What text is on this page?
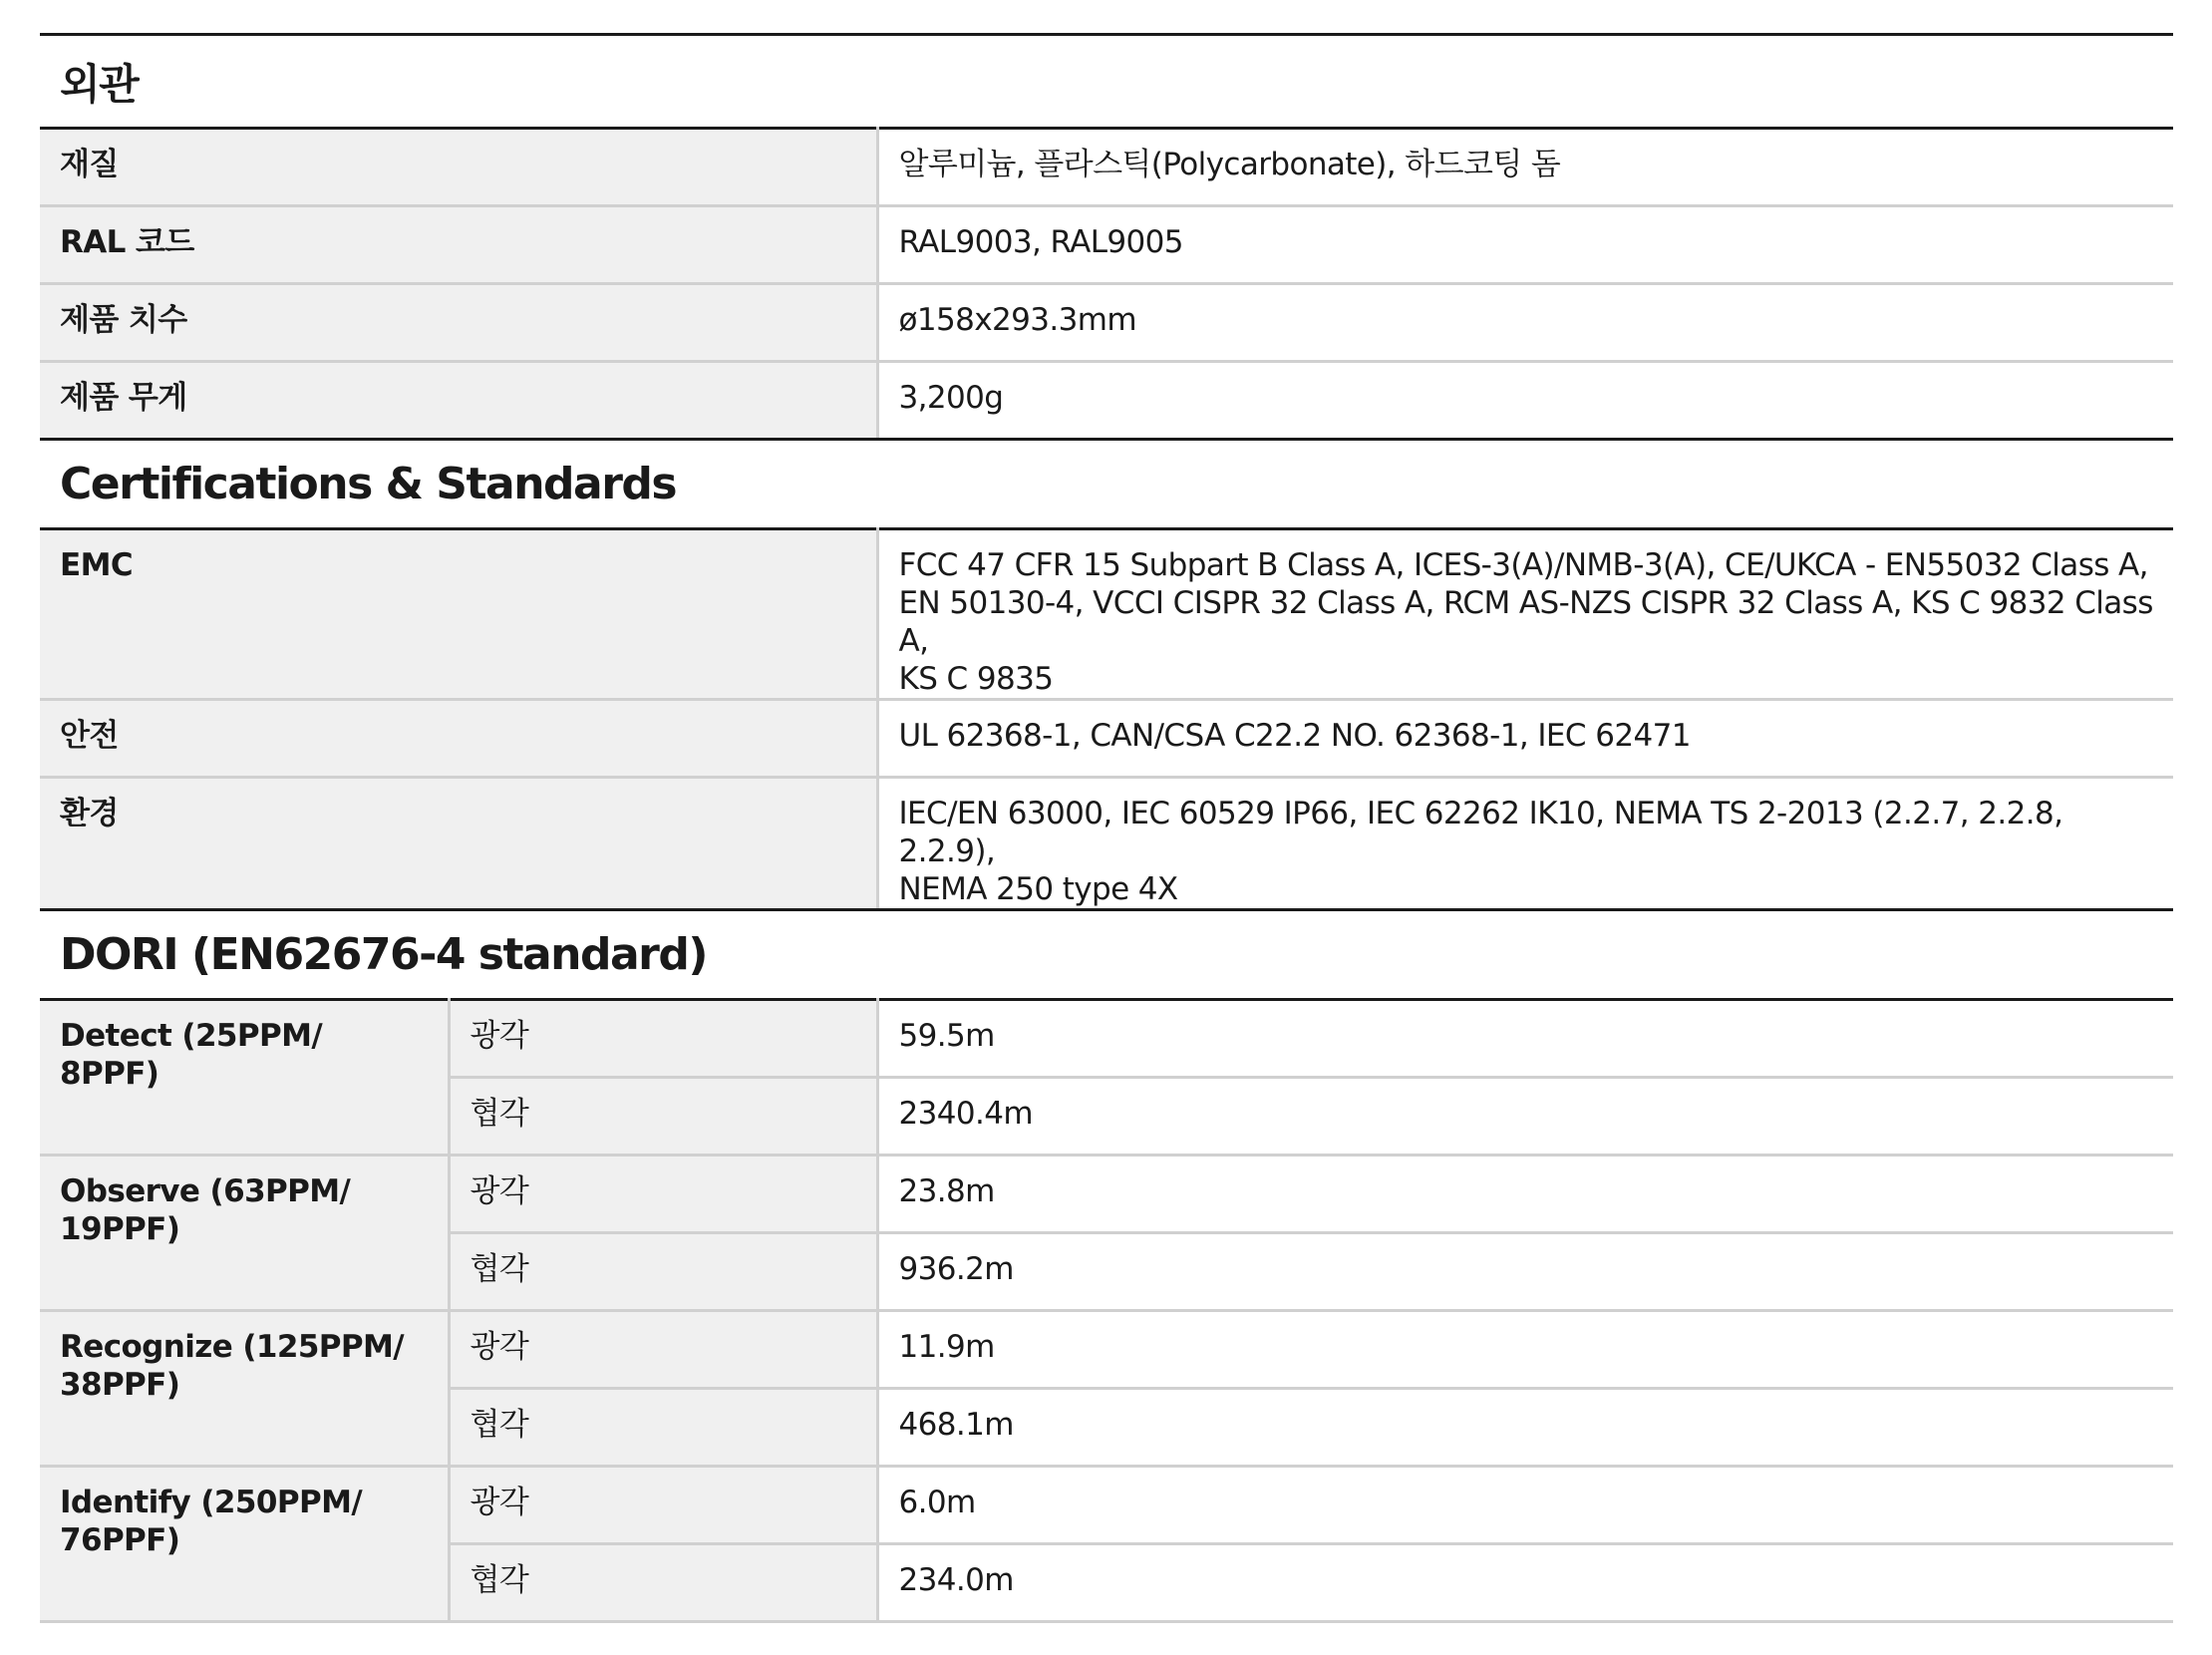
외관
재질	알루미늄, 플라스틱(Polycarbonate), 하드코팅 돔
RAL 코드	RAL9003, RAL9005
제품 치수	ø158x293.3mm
제품 무게	3,200g
Certifications & Standards
EMC	FCC 47 CFR 15 Subpart B Class A, ICES-3(A)/NMB-3(A), CE/UKCA - EN55032 Class A,
EN 50130-4, VCCI CISPR 32 Class A, RCM AS-NZS CISPR 32 Class A, KS C 9832 Class A,
KS C 9835

안전	UL 62368-1, CAN/CSA C22.2 NO. 62368-1, IEC 62471

환경	IEC/EN 63000, IEC 60529 IP66, IEC 62262 IK10, NEMA TS 2-2013 (2.2.7, 2.2.8, 2.2.9),
NEMA 250 type 4X
DORI (EN62676-4 standard)
Detect (25PPM/ 8PPF)	광각	59.5m
	협각	2340.4m

Observe (63PPM/ 19PPF)	광각	23.8m
	협각	936.2m

Recognize (125PPM/
38PPF)	광각	11.9m
	협각	468.1m

Identify (250PPM/
76PPF)	광각	6.0m
	협각	234.0m
